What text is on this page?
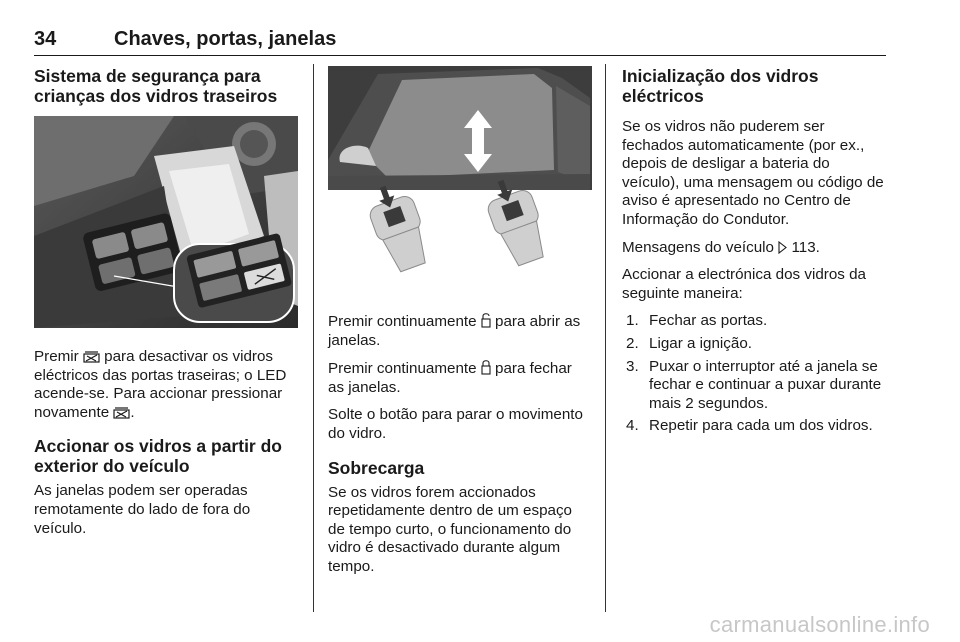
34	Chaves, portas, janelas
Sistema de segurança para crianças dos vidros traseiros

Premir  para desactivar os vidros eléctricos das portas traseiras; o LED acende-se. Para accionar pressionar novamente .

Accionar os vidros a partir do exterior do veículo

As janelas podem ser operadas remotamente do lado de fora do veículo.

Premir continuamente  para abrir as janelas.

Premir continuamente  para fechar as janelas.

Solte o botão para parar o movimento do vidro.

Sobrecarga

Se os vidros forem accionados repetidamente dentro de um espaço de tempo curto, o funcionamento do vidro é desactivado durante algum tempo.

Inicialização dos vidros eléctricos

Se os vidros não puderem ser fechados automaticamente (por ex., depois de desligar a bateria do veículo), uma mensagem ou código de aviso é apresentado no Centro de Informação do Condutor.

Mensagens do veículo  113.

Accionar a electrónica dos vidros da seguinte maneira:

1. Fechar as portas.
2. Ligar a ignição.
3. Puxar o interruptor até a janela se fechar e continuar a puxar durante mais 2 segundos.
4. Repetir para cada um dos vidros.
carmanualsonline.info
